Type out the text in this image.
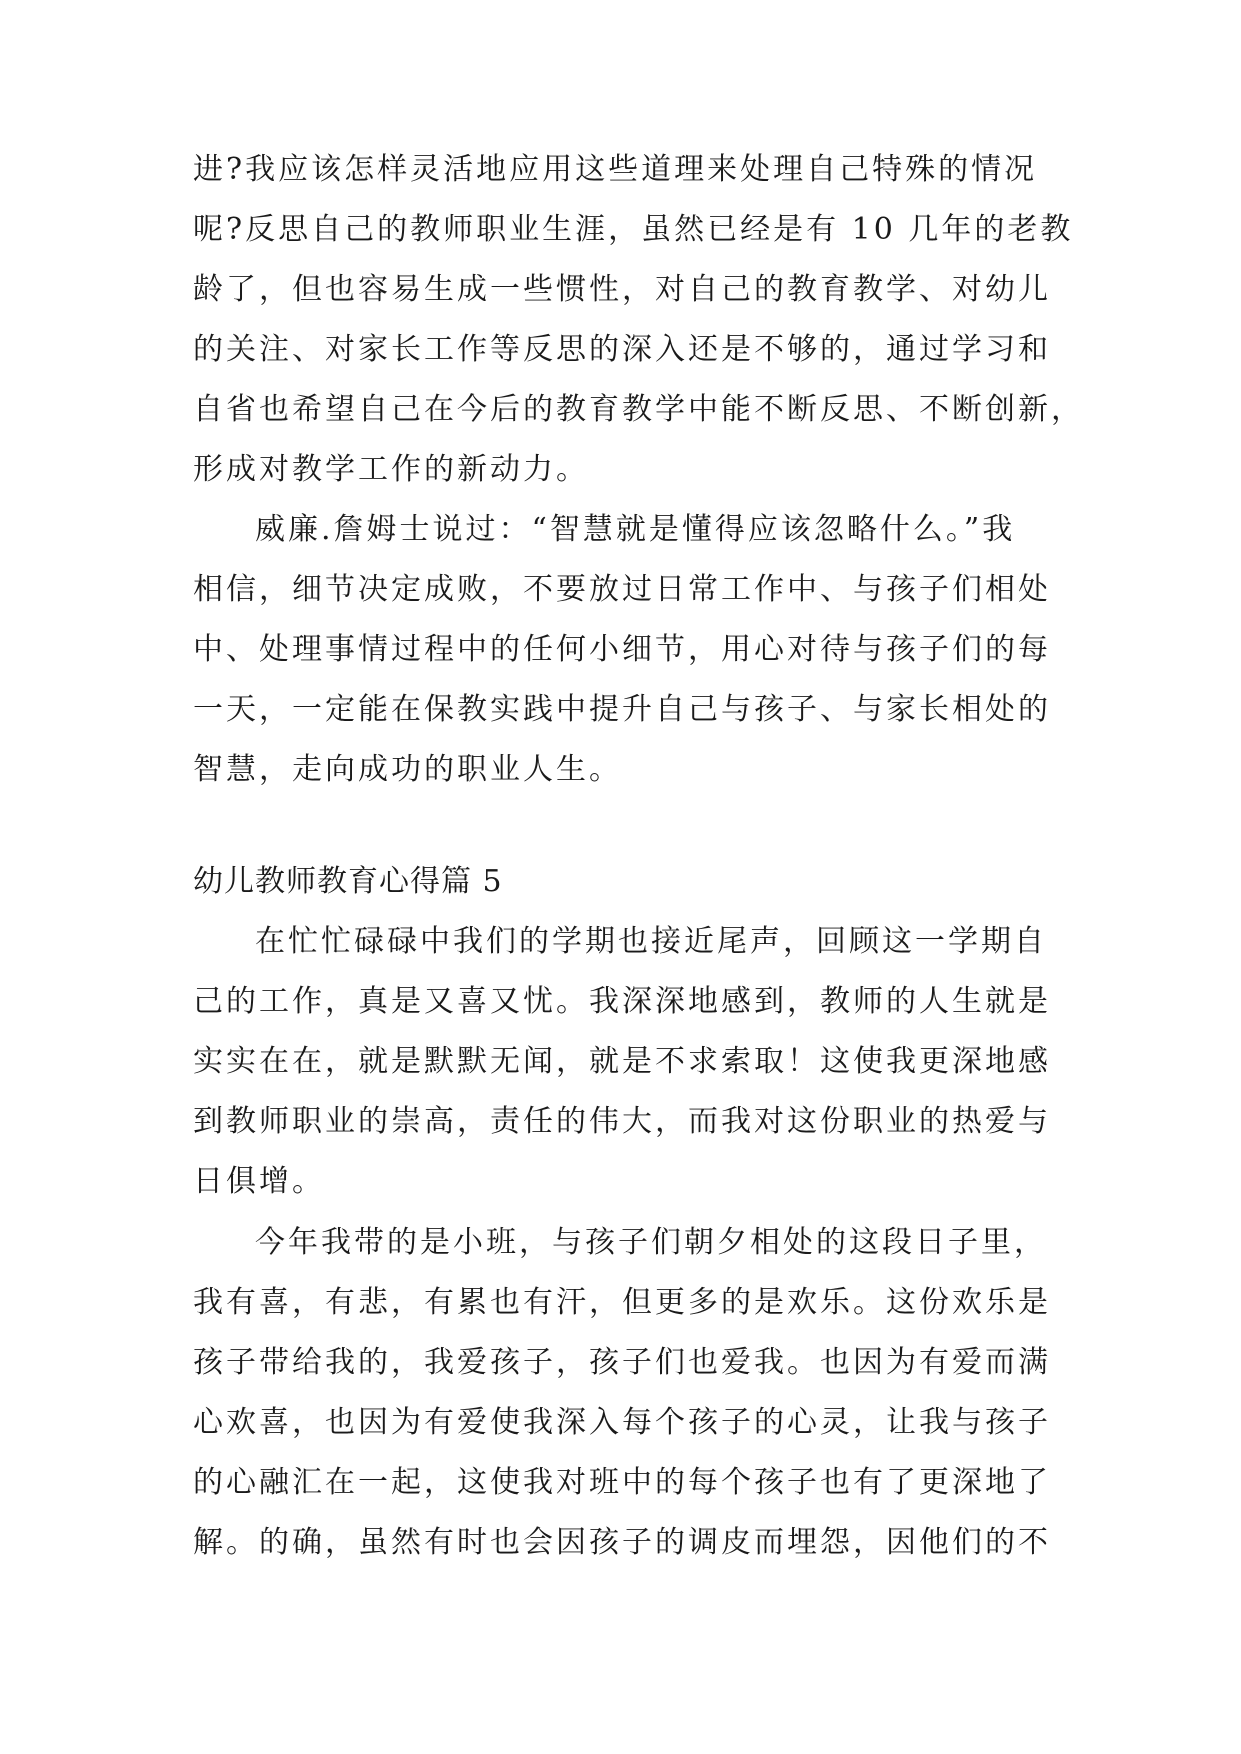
进?我应该怎样灵活地应用这些道理来处理自己特殊的情况

呢?反思自己的教师职业生涯，虽然已经是有 10 几年的老教

龄了，但也容易生成一些惯性，对自己的教育教学、对幼儿

的关注、对家长工作等反思的深入还是不够的，通过学习和

自省也希望自己在今后的教育教学中能不断反思、不断创新，

形成对教学工作的新动力。

威廉.詹姆士说过：“智慧就是懂得应该忽略什么。”我

相信，细节决定成败，不要放过日常工作中、与孩子们相处

中、处理事情过程中的任何小细节，用心对待与孩子们的每

一天，一定能在保教实践中提升自己与孩子、与家长相处的

智慧，走向成功的职业人生。

幼儿教师教育心得篇 5

在忙忙碌碌中我们的学期也接近尾声，回顾这一学期自

己的工作，真是又喜又忧。我深深地感到，教师的人生就是

实实在在，就是默默无闻，就是不求索取！这使我更深地感

到教师职业的崇高，责任的伟大，而我对这份职业的热爱与

日俱增。

今年我带的是小班，与孩子们朝夕相处的这段日子里，

我有喜，有悲，有累也有汗，但更多的是欢乐。这份欢乐是

孩子带给我的，我爱孩子，孩子们也爱我。也因为有爱而满

心欢喜，也因为有爱使我深入每个孩子的心灵，让我与孩子

的心融汇在一起，这使我对班中的每个孩子也有了更深地了

解。的确，虽然有时也会因孩子的调皮而埋怨，因他们的不
